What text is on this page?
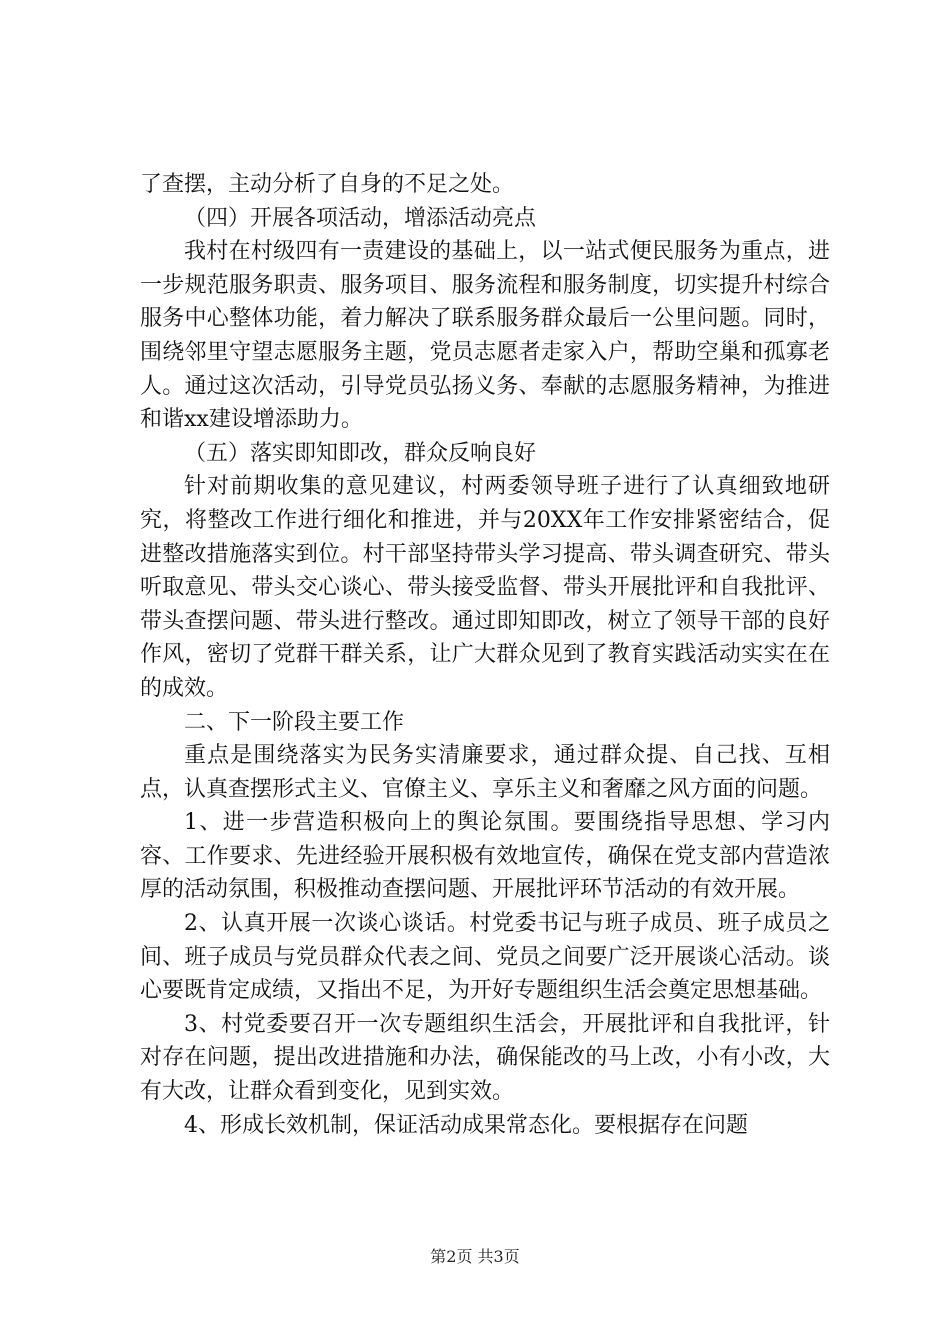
了查摆，主动分析了自身的不足之处。

（四）开展各项活动，增添活动亮点

我村在村级四有一责建设的基础上，以一站式便民服务为重点，进一步规范服务职责、服务项目、服务流程和服务制度，切实提升村综合服务中心整体功能，着力解决了联系服务群众最后一公里问题。同时，围绕邻里守望志愿服务主题，党员志愿者走家入户，帮助空巢和孤寡老人。通过这次活动，引导党员弘扬义务、奉献的志愿服务精神，为推进和谐xx建设增添助力。

（五）落实即知即改，群众反响良好

针对前期收集的意见建议，村两委领导班子进行了认真细致地研究，将整改工作进行细化和推进，并与20XX年工作安排紧密结合，促进整改措施落实到位。村干部坚持带头学习提高、带头调查研究、带头听取意见、带头交心谈心、带头接受监督、带头开展批评和自我批评、带头查摆问题、带头进行整改。通过即知即改，树立了领导干部的良好作风，密切了党群干群关系，让广大群众见到了教育实践活动实实在在的成效。

二、下一阶段主要工作

重点是围绕落实为民务实清廉要求，通过群众提、自己找、互相点，认真查摆形式主义、官僚主义、享乐主义和奢靡之风方面的问题。

1、进一步营造积极向上的舆论氛围。要围绕指导思想、学习内容、工作要求、先进经验开展积极有效地宣传，确保在党支部内营造浓厚的活动氛围，积极推动查摆问题、开展批评环节活动的有效开展。

2、认真开展一次谈心谈话。村党委书记与班子成员、班子成员之间、班子成员与党员群众代表之间、党员之间要广泛开展谈心活动。谈心要既肯定成绩，又指出不足，为开好专题组织生活会奠定思想基础。

3、村党委要召开一次专题组织生活会，开展批评和自我批评，针对存在问题，提出改进措施和办法，确保能改的马上改，小有小改，大有大改，让群众看到变化，见到实效。

4、形成长效机制，保证活动成果常态化。要根据存在问题

第2页 共3页
